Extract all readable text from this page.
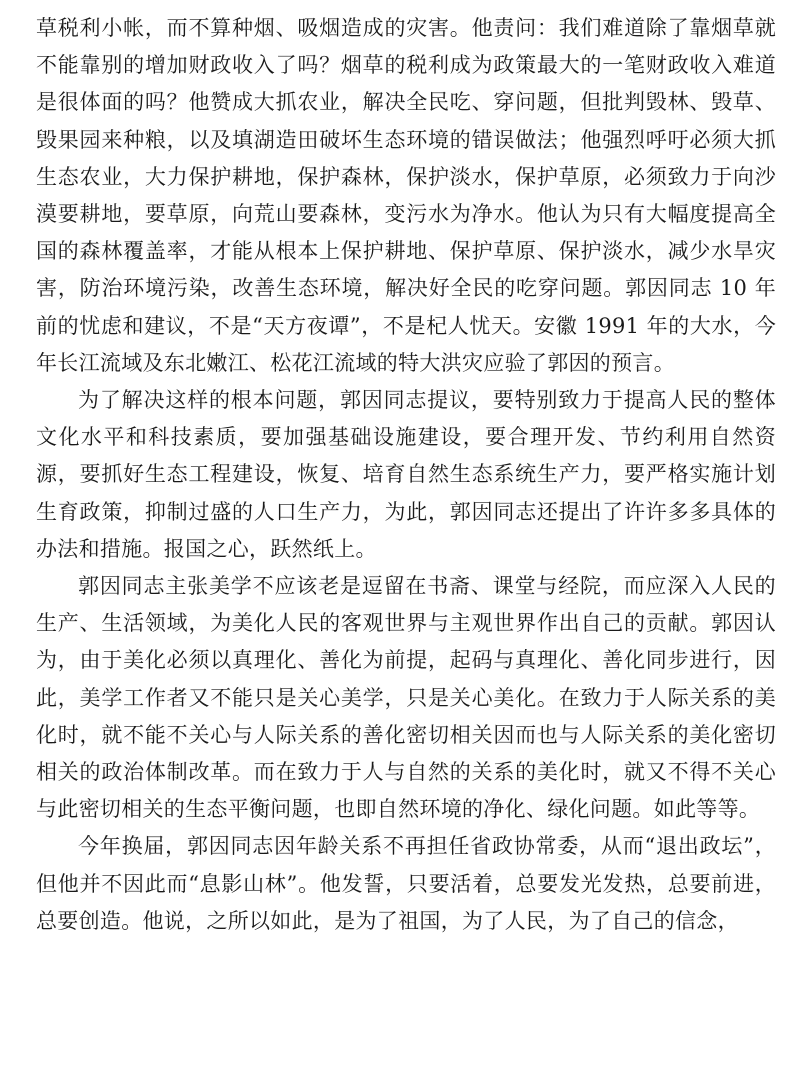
草税利小帐，而不算种烟、吸烟造成的灾害。他责问：我们难道除了靠烟草就不能靠别的增加财政收入了吗？烟草的税利成为政策最大的一笔财政收入难道是很体面的吗？他赞成大抓农业，解决全民吃、穿问题，但批判毁林、毁草、毁果园来种粮，以及填湖造田破坏生态环境的错误做法；他强烈呼吁必须大抓生态农业，大力保护耕地，保护森林，保护淡水，保护草原，必须致力于向沙漠要耕地，要草原，向荒山要森林，变污水为净水。他认为只有大幅度提高全国的森林覆盖率，才能从根本上保护耕地、保护草原、保护淡水，减少水旱灾害，防治环境污染，改善生态环境，解决好全民的吃穿问题。郭因同志 10 年前的忧虑和建议，不是“天方夜谭”，不是杞人忧天。安徽 1991 年的大水，今年长江流域及东北嫩江、松花江流域的特大洪灾应验了郭因的预言。

为了解决这样的根本问题，郭因同志提议，要特别致力于提高人民的整体文化水平和科技素质，要加强基础设施建设，要合理开发、节约利用自然资源，要抓好生态工程建设，恢复、培育自然生态系统生产力，要严格实施计划生育政策，抑制过盛的人口生产力，为此，郭因同志还提出了许许多多具体的办法和措施。报国之心，跃然纸上。

郭因同志主张美学不应该老是逗留在书斋、课堂与经院，而应深入人民的生产、生活领域，为美化人民的客观世界与主观世界作出自己的贡献。郭因认为，由于美化必须以真理化、善化为前提，起码与真理化、善化同步进行，因此，美学工作者又不能只是关心美学，只是关心美化。在致力于人际关系的美化时，就不能不关心与人际关系的善化密切相关因而也与人际关系的美化密切相关的政治体制改革。而在致力于人与自然的关系的美化时，就又不得不关心与此密切相关的生态平衡问题，也即自然环境的净化、绿化问题。如此等等。

今年换届，郭因同志因年龄关系不再担任省政协常委，从而“退出政坛”，但他并不因此而“息影山林”。他发誓，只要活着，总要发光发热，总要前进，总要创造。他说，之所以如此，是为了祖国，为了人民，为了自己的信念，
